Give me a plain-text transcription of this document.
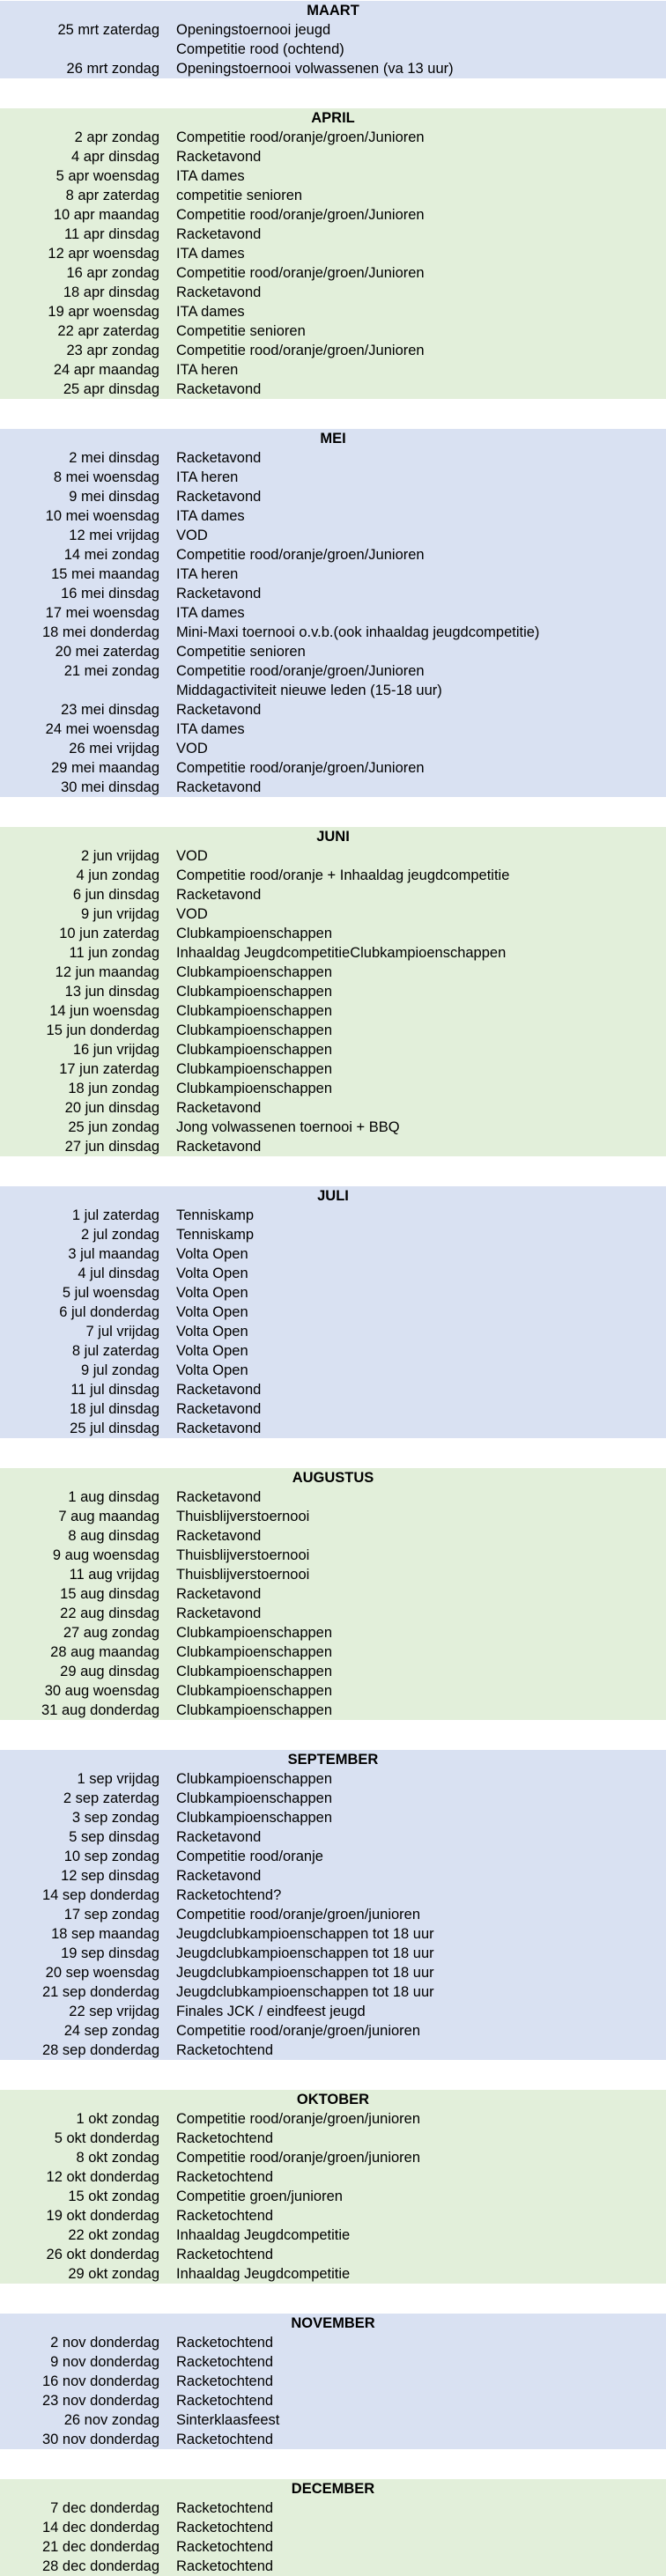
MAART
25 mrt zaterdag	Openingstoernooi jeugd
Competitie rood (ochtend)
26 mrt zondag	Openingstoernooi volwassenen (va 13 uur)
APRIL
2 apr zondag	Competitie rood/oranje/groen/Junioren
4 apr dinsdag	Racketavond
5 apr woensdag	ITA dames
8 apr zaterdag	competitie senioren
10 apr maandag	Competitie rood/oranje/groen/Junioren
11 apr dinsdag	Racketavond
12 apr woensdag	ITA dames
16 apr zondag	Competitie rood/oranje/groen/Junioren
18 apr dinsdag	Racketavond
19 apr woensdag	ITA dames
22 apr zaterdag	Competitie senioren
23 apr zondag	Competitie rood/oranje/groen/Junioren
24 apr maandag	ITA heren
25 apr dinsdag	Racketavond
MEI
2 mei dinsdag	Racketavond
8 mei woensdag	ITA heren
9 mei dinsdag	Racketavond
10 mei woensdag	ITA dames
12 mei vrijdag	VOD
14 mei zondag	Competitie rood/oranje/groen/Junioren
15 mei maandag	ITA heren
16 mei dinsdag	Racketavond
17 mei woensdag	ITA dames
18 mei donderdag	Mini-Maxi toernooi o.v.b.(ook inhaaldag jeugdcompetitie)
20 mei zaterdag	Competitie senioren
21 mei zondag	Competitie rood/oranje/groen/Junioren
Middagactiviteit nieuwe leden (15-18 uur)
23 mei dinsdag	Racketavond
24 mei woensdag	ITA dames
26 mei vrijdag	VOD
29 mei maandag	Competitie rood/oranje/groen/Junioren
30 mei dinsdag	Racketavond
JUNI
2 jun vrijdag	VOD
4 jun zondag	Competitie rood/oranje + Inhaaldag jeugdcompetitie
6 jun dinsdag	Racketavond
9 jun vrijdag	VOD
10 jun zaterdag	Clubkampioenschappen
11 jun zondag	Inhaaldag JeugdcompetitieClubkampioenschappen
12 jun maandag	Clubkampioenschappen
13 jun dinsdag	Clubkampioenschappen
14 jun woensdag	Clubkampioenschappen
15 jun donderdag	Clubkampioenschappen
16 jun vrijdag	Clubkampioenschappen
17 jun zaterdag	Clubkampioenschappen
18 jun zondag	Clubkampioenschappen
20 jun dinsdag	Racketavond
25 jun zondag	Jong volwassenen toernooi + BBQ
27 jun dinsdag	Racketavond
JULI
1 jul zaterdag	Tenniskamp
2 jul zondag	Tenniskamp
3 jul maandag	Volta Open
4 jul dinsdag	Volta Open
5 jul woensdag	Volta Open
6 jul donderdag	Volta Open
7 jul vrijdag	Volta Open
8 jul zaterdag	Volta Open
9 jul zondag	Volta Open
11 jul dinsdag	Racketavond
18 jul dinsdag	Racketavond
25 jul dinsdag	Racketavond
AUGUSTUS
1 aug dinsdag	Racketavond
7 aug maandag	Thuisblijverstoernooi
8 aug dinsdag	Racketavond
9 aug woensdag	Thuisblijverstoernooi
11 aug vrijdag	Thuisblijverstoernooi
15 aug dinsdag	Racketavond
22 aug dinsdag	Racketavond
27 aug zondag	Clubkampioenschappen
28 aug maandag	Clubkampioenschappen
29 aug dinsdag	Clubkampioenschappen
30 aug woensdag	Clubkampioenschappen
31 aug donderdag	Clubkampioenschappen
SEPTEMBER
1 sep vrijdag	Clubkampioenschappen
2 sep zaterdag	Clubkampioenschappen
3 sep zondag	Clubkampioenschappen
5 sep dinsdag	Racketavond
10 sep zondag	Competitie rood/oranje
12 sep dinsdag	Racketavond
14 sep donderdag	Racketochtend?
17 sep zondag	Competitie rood/oranje/groen/junioren
18 sep maandag	Jeugdclubkampioenschappen tot 18 uur
19 sep dinsdag	Jeugdclubkampioenschappen tot 18 uur
20 sep woensdag	Jeugdclubkampioenschappen tot 18 uur
21 sep donderdag	Jeugdclubkampioenschappen tot 18 uur
22 sep vrijdag	Finales JCK / eindfeest jeugd
24 sep zondag	Competitie rood/oranje/groen/junioren
28 sep donderdag	Racketochtend
OKTOBER
1 okt zondag	Competitie rood/oranje/groen/junioren
5 okt donderdag	Racketochtend
8 okt zondag	Competitie rood/oranje/groen/junioren
12 okt donderdag	Racketochtend
15 okt zondag	Competitie groen/junioren
19 okt donderdag	Racketochtend
22 okt zondag	Inhaaldag Jeugdcompetitie
26 okt donderdag	Racketochtend
29 okt zondag	Inhaaldag Jeugdcompetitie
NOVEMBER
2 nov donderdag	Racketochtend
9 nov donderdag	Racketochtend
16 nov donderdag	Racketochtend
23 nov donderdag	Racketochtend
26 nov zondag	Sinterklaasfeest
30 nov donderdag	Racketochtend
DECEMBER
7 dec donderdag	Racketochtend
14 dec donderdag	Racketochtend
21 dec donderdag	Racketochtend
28 dec donderdag	Racketochtend
